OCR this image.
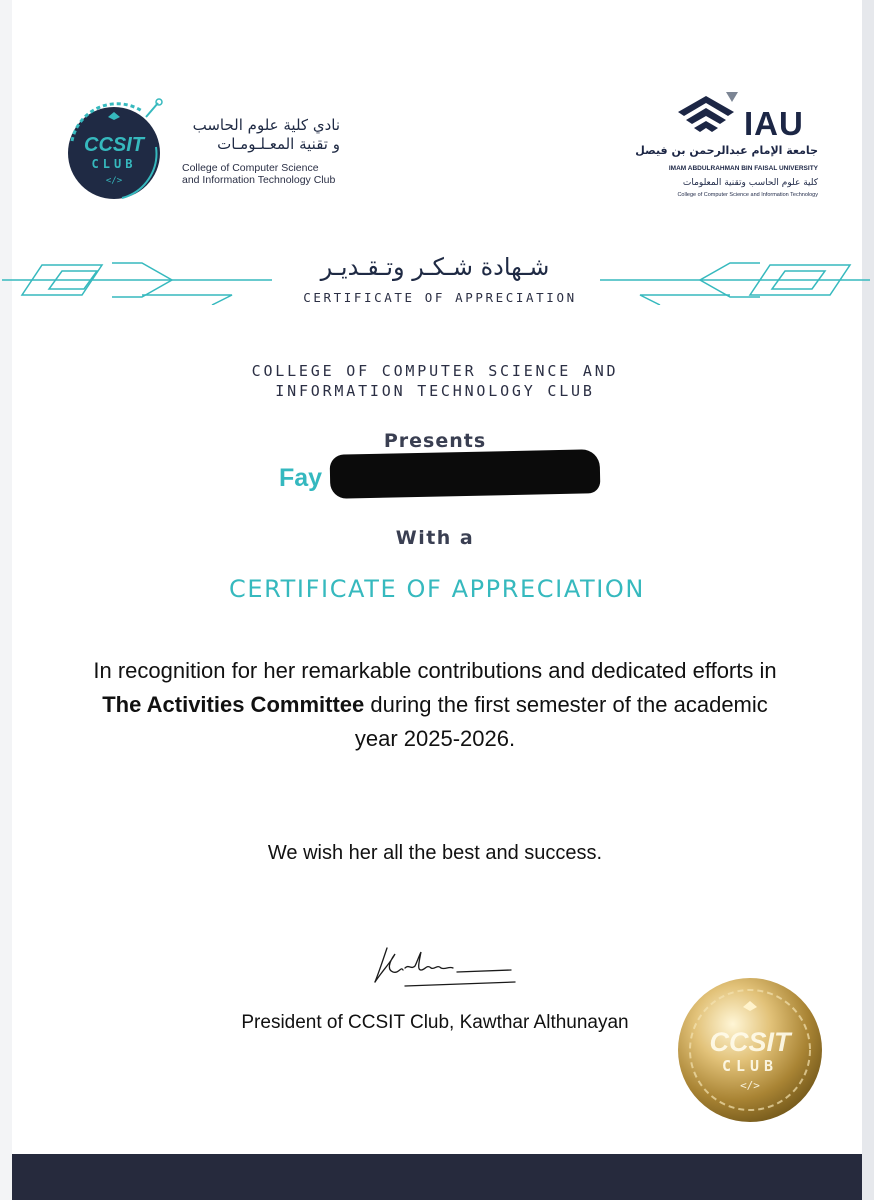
CCSIT
CLUB
</>
نادي كلية علوم الحاسب
و تقنية المعـلـومـات
College of Computer Science
and Information Technology Club
IAU
جامعة الإمام عبدالرحمن بن فيصل
IMAM ABDULRAHMAN BIN FAISAL UNIVERSITY
كلية علوم الحاسب وتقنية المعلومات
College of Computer Science and Information Technology
شـهادة شـكـر وتـقـديـر
CERTIFICATE OF APPRECIATION
COLLEGE OF COMPUTER SCIENCE AND
INFORMATION TECHNOLOGY CLUB
Presents
Fay
With a
CERTIFICATE OF APPRECIATION
In recognition for her remarkable contributions and dedicated efforts in The Activities Committee during the first semester of the academic year 2025-2026.
We wish her all the best and success.
President of CCSIT Club, Kawthar Althunayan
CCSIT
CLUB
</>
